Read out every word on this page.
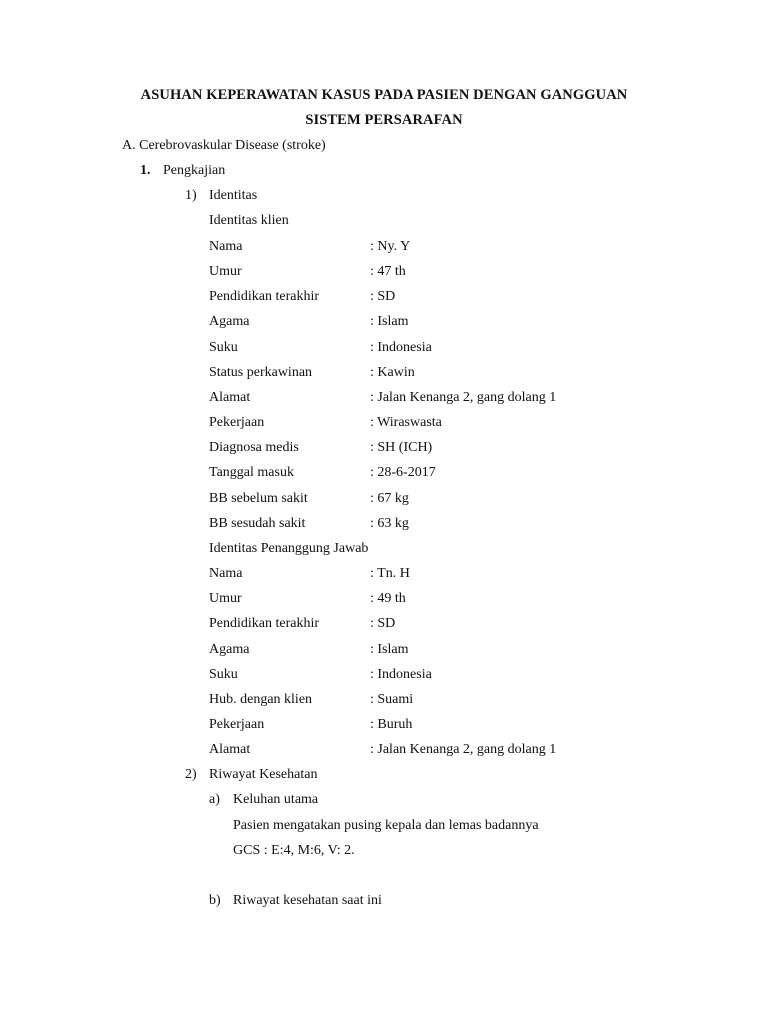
ASUHAN KEPERAWATAN KASUS PADA PASIEN DENGAN GANGGUAN
SISTEM PERSARAFAN
A. Cerebrovaskular Disease (stroke)
1. Pengkajian
1) Identitas
Identitas klien
Nama	: Ny. Y
Umur	: 47 th
Pendidikan terakhir	: SD
Agama	: Islam
Suku	: Indonesia
Status perkawinan	: Kawin
Alamat	: Jalan Kenanga 2, gang dolang 1
Pekerjaan	: Wiraswasta
Diagnosa medis	: SH (ICH)
Tanggal masuk	: 28-6-2017
BB sebelum sakit	: 67 kg
BB sesudah sakit	: 63 kg
Identitas Penanggung Jawab
Nama	: Tn. H
Umur	: 49 th
Pendidikan terakhir	: SD
Agama	: Islam
Suku	: Indonesia
Hub. dengan klien	: Suami
Pekerjaan	: Buruh
Alamat	: Jalan Kenanga 2, gang dolang 1
2) Riwayat Kesehatan
a) Keluhan utama
Pasien mengatakan pusing kepala dan lemas badannya
GCS : E:4, M:6, V: 2.
b) Riwayat kesehatan saat ini
